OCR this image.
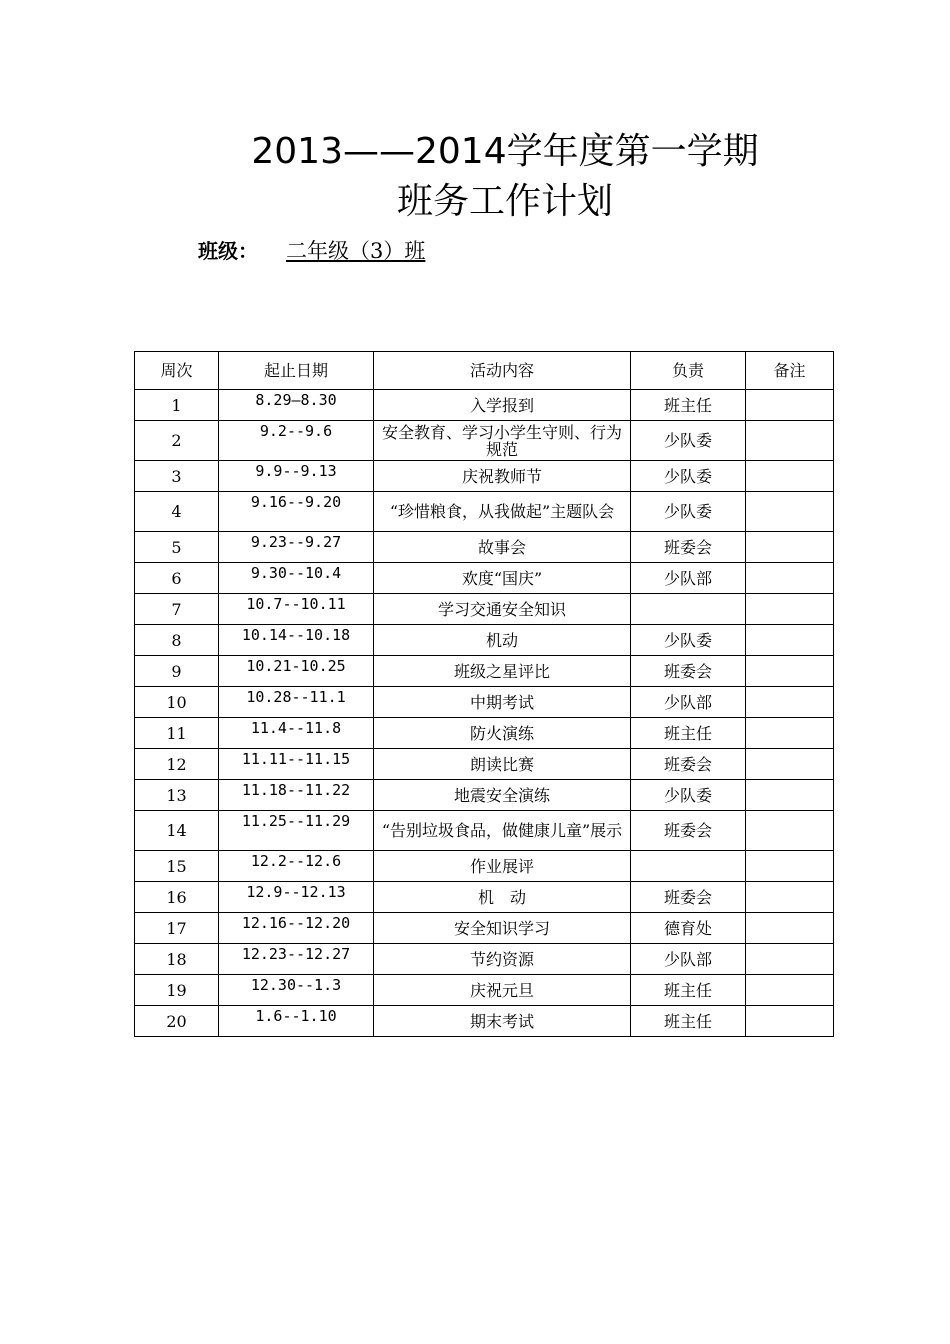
2013——2014学年度第一学期
班务工作计划
班级： 二年级（3）班
周次	起止日期	活动内容	负责	备注
1	8.29—8.30	入学报到	班主任	
2	9.2--9.6	安全教育、学习小学生守则、行为规范	少队委	
3	9.9--9.13	庆祝教师节	少队委	
4	9.16--9.20	“珍惜粮食，从我做起”主题队会	少队委	
5	9.23--9.27	故事会	班委会	
6	9.30--10.4	欢度“国庆”	少队部	
7	10.7--10.11	学习交通安全知识		
8	10.14--10.18	机动	少队委	
9	10.21-10.25	班级之星评比	班委会	
10	10.28--11.1	中期考试	少队部	
11	11.4--11.8	防火演练	班主任	
12	11.11--11.15	朗读比赛	班委会	
13	11.18--11.22	地震安全演练	少队委	
14	11.25--11.29	“告别垃圾食品，做健康儿童”展示	班委会	
15	12.2--12.6	作业展评		
16	12.9--12.13	机　动	班委会	
17	12.16--12.20	安全知识学习	德育处	
18	12.23--12.27	节约资源	少队部	
19	12.30--1.3	庆祝元旦	班主任	
20	1.6--1.10	期末考试	班主任	
